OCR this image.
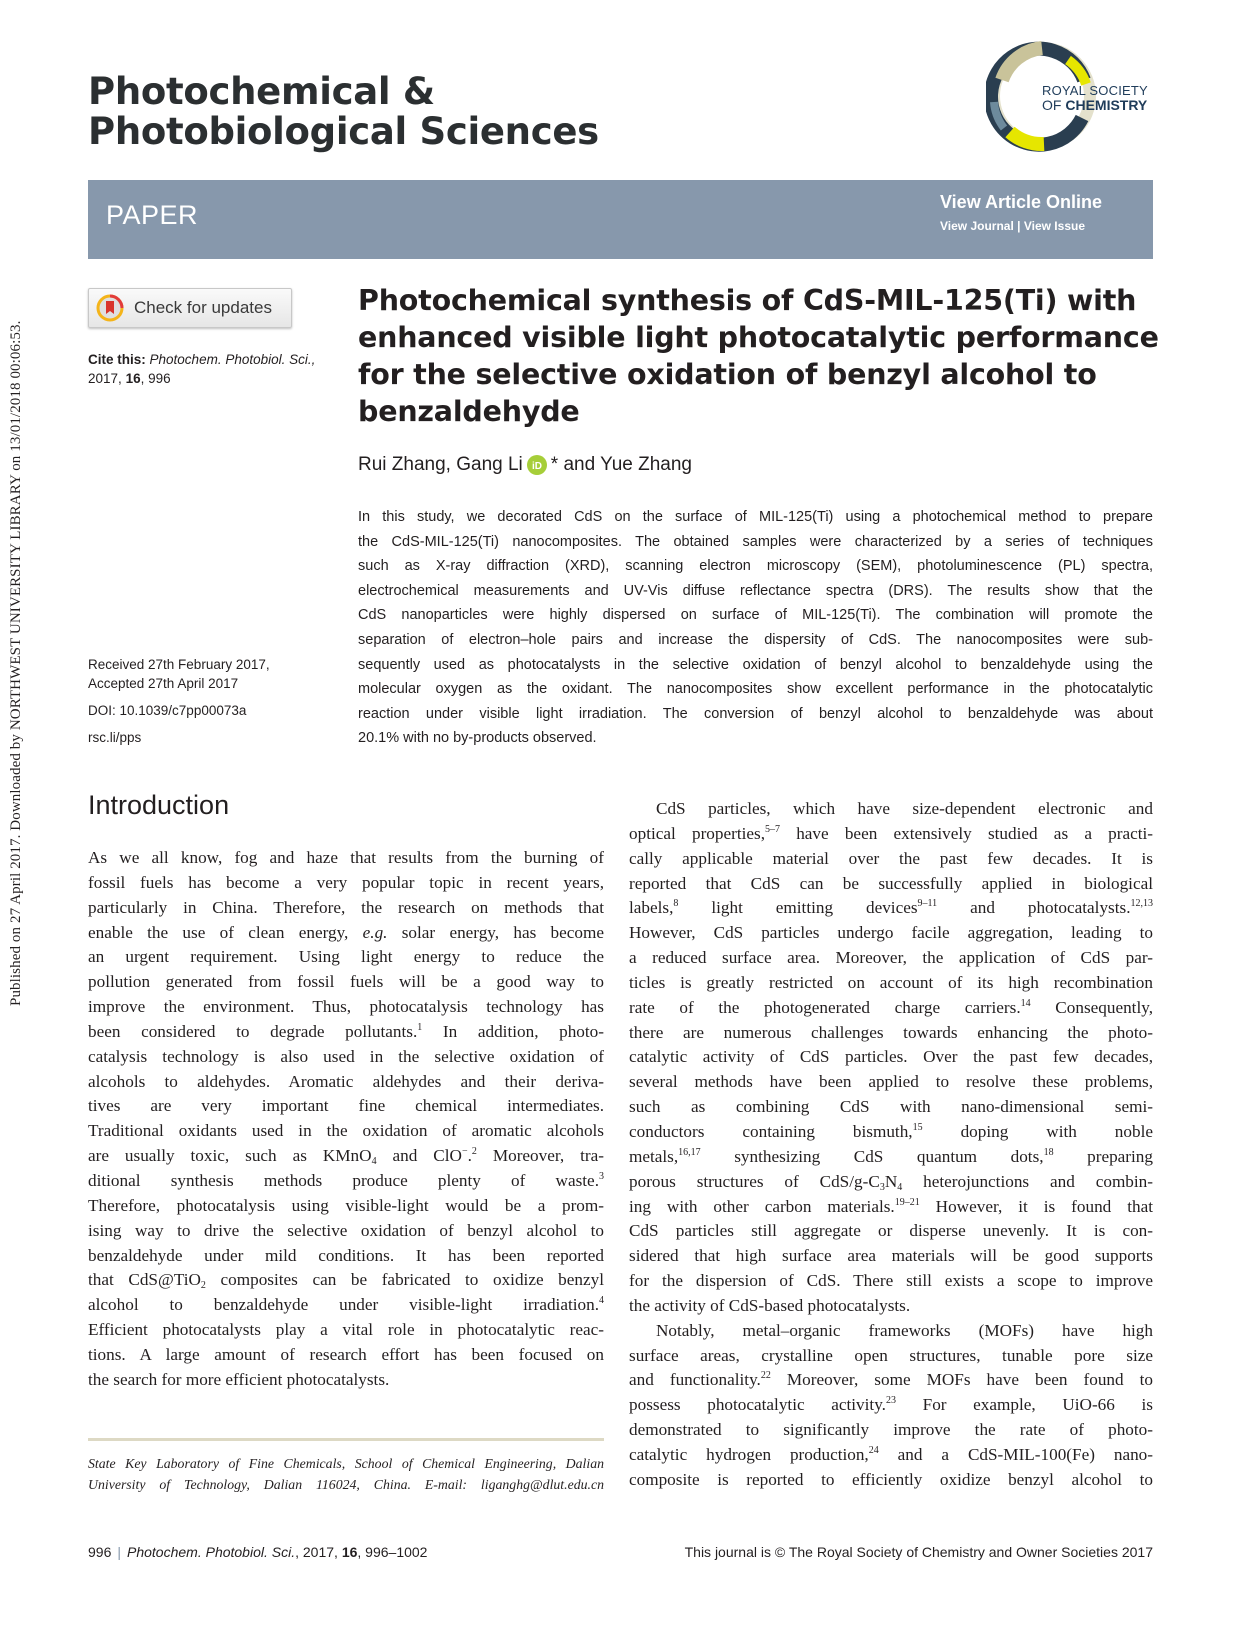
Published on 27 April 2017. Downloaded by NORTHWEST UNIVERSITY LIBRARY on 13/01/2018 00:06:53.
Photochemical &
Photobiological Sciences
ROYAL SOCIETY
OF CHEMISTRY
PAPER	View Article Online
View Journal | View Issue
Check for updates
Cite this: Photochem. Photobiol. Sci.,
2017, 16, 996
Photochemical synthesis of CdS-MIL-125(Ti) with
enhanced visible light photocatalytic performance
for the selective oxidation of benzyl alcohol to
benzaldehyde
Rui Zhang, Gang Li iD * and Yue Zhang
In this study, we decorated CdS on the surface of MIL-125(Ti) using a photochemical method to prepare
the CdS-MIL-125(Ti) nanocomposites. The obtained samples were characterized by a series of techniques
such as X-ray diffraction (XRD), scanning electron microscopy (SEM), photoluminescence (PL) spectra,
electrochemical measurements and UV-Vis diffuse reflectance spectra (DRS). The results show that the
CdS nanoparticles were highly dispersed on surface of MIL-125(Ti). The combination will promote the
separation of electron–hole pairs and increase the dispersity of CdS. The nanocomposites were sub-
sequently used as photocatalysts in the selective oxidation of benzyl alcohol to benzaldehyde using the
molecular oxygen as the oxidant. The nanocomposites show excellent performance in the photocatalytic
reaction under visible light irradiation. The conversion of benzyl alcohol to benzaldehyde was about
20.1% with no by-products observed.
Received 27th February 2017,
Accepted 27th April 2017
DOI: 10.1039/c7pp00073a
rsc.li/pps
Introduction
As we all know, fog and haze that results from the burning of
fossil fuels has become a very popular topic in recent years,
particularly in China. Therefore, the research on methods that
enable the use of clean energy, e.g. solar energy, has become
an urgent requirement. Using light energy to reduce the
pollution generated from fossil fuels will be a good way to
improve the environment. Thus, photocatalysis technology has
been considered to degrade pollutants.$^1$ In addition, photo-
catalysis technology is also used in the selective oxidation of
alcohols to aldehydes. Aromatic aldehydes and their deriva-
tives are very important fine chemical intermediates.
Traditional oxidants used in the oxidation of aromatic alcohols
are usually toxic, such as KMnO$_4$ and ClO−.$^2$ Moreover, tra-
ditional synthesis methods produce plenty of waste.$^3$
Therefore, photocatalysis using visible-light would be a prom-
ising way to drive the selective oxidation of benzyl alcohol to
benzaldehyde under mild conditions. It has been reported
that CdS@TiO$_2$ composites can be fabricated to oxidize benzyl
alcohol to benzaldehyde under visible-light irradiation.$^4$
Efficient photocatalysts play a vital role in photocatalytic reac-
tions. A large amount of research effort has been focused on
the search for more efficient photocatalysts.
CdS particles, which have size-dependent electronic and
optical properties,$^{5-7}$ have been extensively studied as a practi-
cally applicable material over the past few decades. It is
reported that CdS can be successfully applied in biological
labels,$^8$ light emitting devices$^{9-11}$ and photocatalysts.$^{12,13}$
However, CdS particles undergo facile aggregation, leading to
a reduced surface area. Moreover, the application of CdS par-
ticles is greatly restricted on account of its high recombination
rate of the photogenerated charge carriers.$^{14}$ Consequently,
there are numerous challenges towards enhancing the photo-
catalytic activity of CdS particles. Over the past few decades,
several methods have been applied to resolve these problems,
such as combining CdS with nano-dimensional semi-
conductors containing bismuth,$^{15}$ doping with noble
metals,$^{16,17}$ synthesizing CdS quantum dots,$^{18}$ preparing
porous structures of CdS/$g-C_3N_4$ heterojunctions and combin-
ing with other carbon materials.$^{19-21}$ However, it is found that
CdS particles still aggregate or disperse unevenly. It is con-
sidered that high surface area materials will be good supports
for the dispersion of CdS. There still exists a scope to improve
the activity of CdS-based photocatalysts.
Notably, metal–organic frameworks (MOFs) have high
surface areas, crystalline open structures, tunable pore size
and functionality.$^{22}$ Moreover, some MOFs have been found to
possess photocatalytic activity.$^{23}$ For example, UiO-66 is
demonstrated to significantly improve the rate of photo-
catalytic hydrogen production,$^{24}$ and a CdS-MIL-100(Fe) nano-
composite is reported to efficiently oxidize benzyl alcohol to
State Key Laboratory of Fine Chemicals, School of Chemical Engineering, Dalian
University of Technology, Dalian 116024, China. E-mail: liganghg@dlut.edu.cn
996 | Photochem. Photobiol. Sci., 2017, 16, 996–1002	This journal is © The Royal Society of Chemistry and Owner Societies 2017
